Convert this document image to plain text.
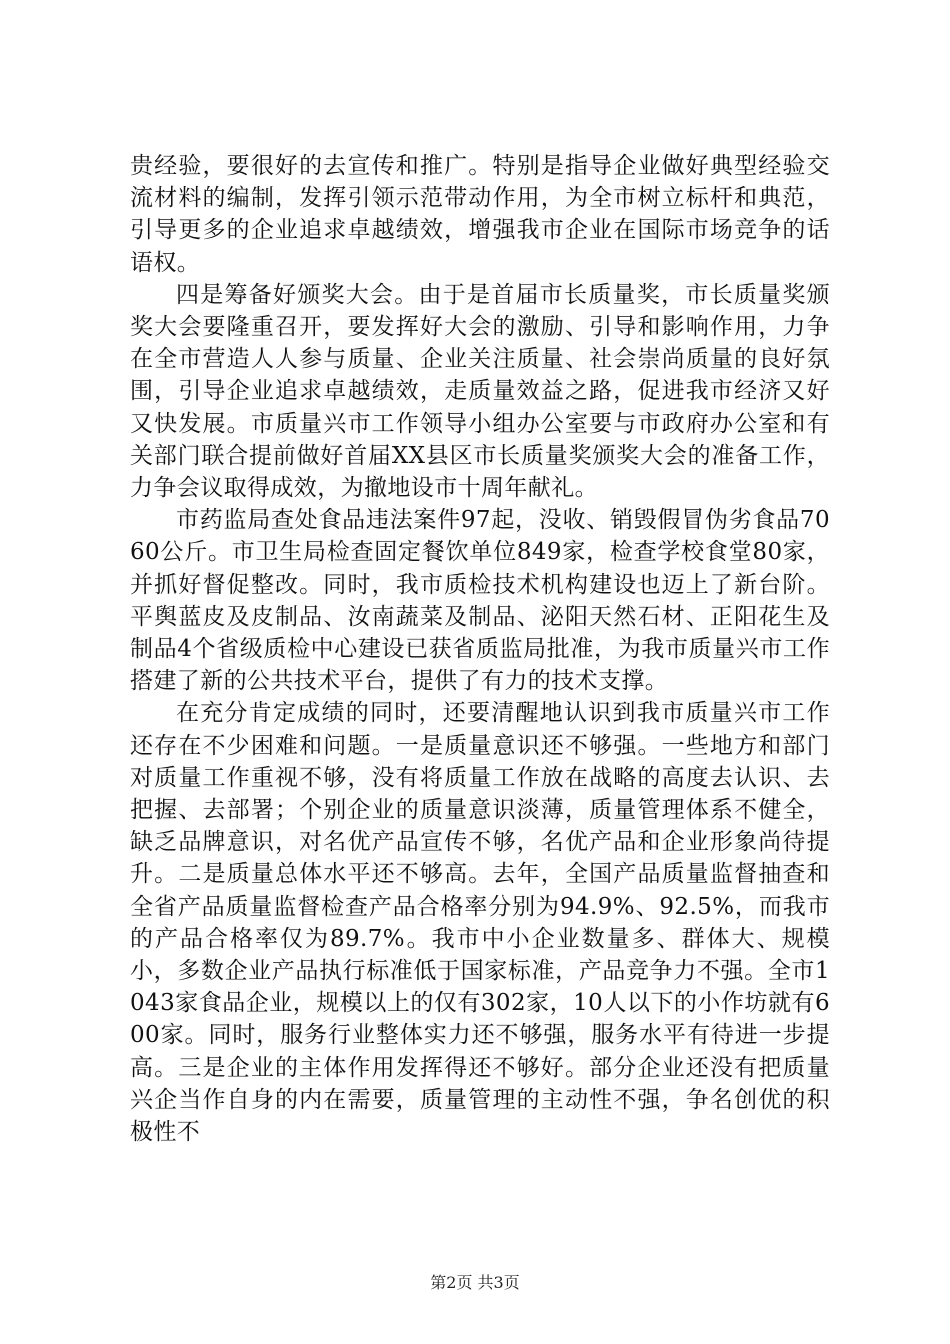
贵经验，要很好的去宣传和推广。特别是指导企业做好典型经验交流材料的编制，发挥引领示范带动作用，为全市树立标杆和典范，引导更多的企业追求卓越绩效，增强我市企业在国际市场竞争的话语权。

四是筹备好颁奖大会。由于是首届市长质量奖，市长质量奖颁奖大会要隆重召开，要发挥好大会的激励、引导和影响作用，力争在全市营造人人参与质量、企业关注质量、社会崇尚质量的良好氛围，引导企业追求卓越绩效，走质量效益之路，促进我市经济又好又快发展。市质量兴市工作领导小组办公室要与市政府办公室和有关部门联合提前做好首届XX县区市长质量奖颁奖大会的准备工作，力争会议取得成效，为撤地设市十周年献礼。

市药监局查处食品违法案件97起，没收、销毁假冒伪劣食品7060公斤。市卫生局检查固定餐饮单位849家，检查学校食堂80家，并抓好督促整改。同时，我市质检技术机构建设也迈上了新台阶。平舆蓝皮及皮制品、汝南蔬菜及制品、泌阳天然石材、正阳花生及制品4个省级质检中心建设已获省质监局批准，为我市质量兴市工作搭建了新的公共技术平台，提供了有力的技术支撑。

在充分肯定成绩的同时，还要清醒地认识到我市质量兴市工作还存在不少困难和问题。一是质量意识还不够强。一些地方和部门对质量工作重视不够，没有将质量工作放在战略的高度去认识、去把握、去部署；个别企业的质量意识淡薄，质量管理体系不健全，缺乏品牌意识，对名优产品宣传不够，名优产品和企业形象尚待提升。二是质量总体水平还不够高。去年，全国产品质量监督抽查和全省产品质量监督检查产品合格率分别为94.9%、92.5%，而我市的产品合格率仅为89.7%。我市中小企业数量多、群体大、规模小，多数企业产品执行标准低于国家标准，产品竞争力不强。全市1043家食品企业，规模以上的仅有302家，10人以下的小作坊就有600家。同时，服务行业整体实力还不够强，服务水平有待进一步提高。三是企业的主体作用发挥得还不够好。部分企业还没有把质量兴企当作自身的内在需要，质量管理的主动性不强，争名创优的积极性不

第2页 共3页
